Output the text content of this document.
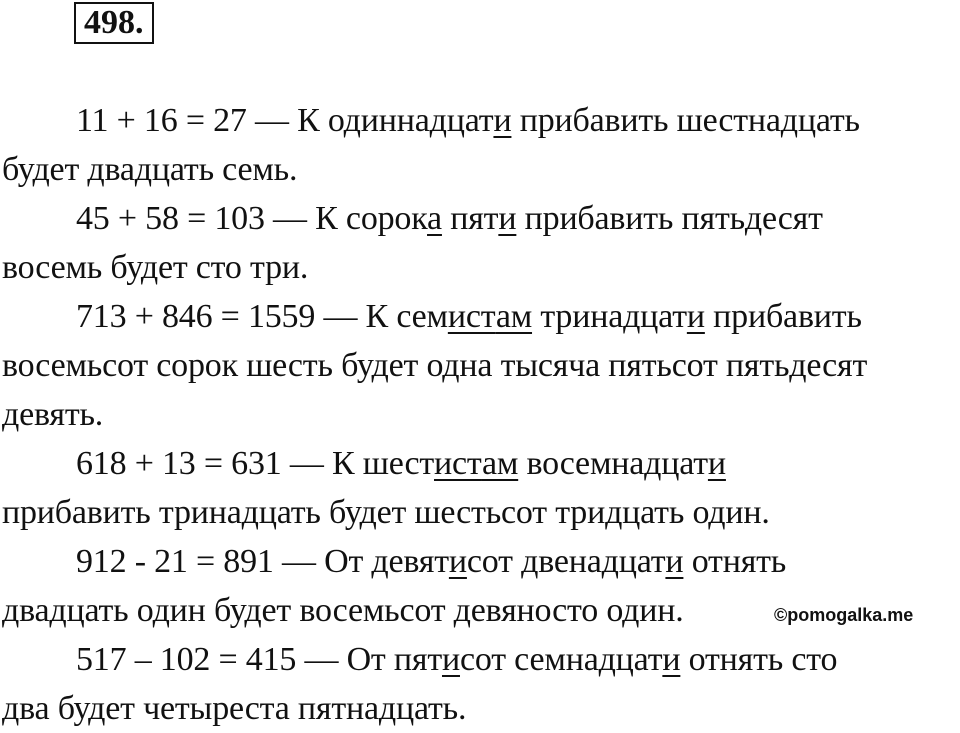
498.
11 + 16 = 27 — К одиннадцати прибавить шестнадцать
будет двадцать семь.
45 + 58 = 103 — К сорока пяти прибавить пятьдесят
восемь будет сто три.
713 + 846 = 1559 — К семистам тринадцати прибавить
восемьсот сорок шесть будет одна тысяча пятьсот пятьдесят
девять.
618 + 13 = 631 — К шестистам восемнадцати
прибавить тринадцать будет шестьсот тридцать один.
912 - 21 = 891 — От девятисот двенадцати отнять
двадцать один будет восемьсот девяносто один.
517 – 102 = 415 — От пятисот семнадцати отнять сто
два будет четыреста пятнадцать.
©pomogalka.me
